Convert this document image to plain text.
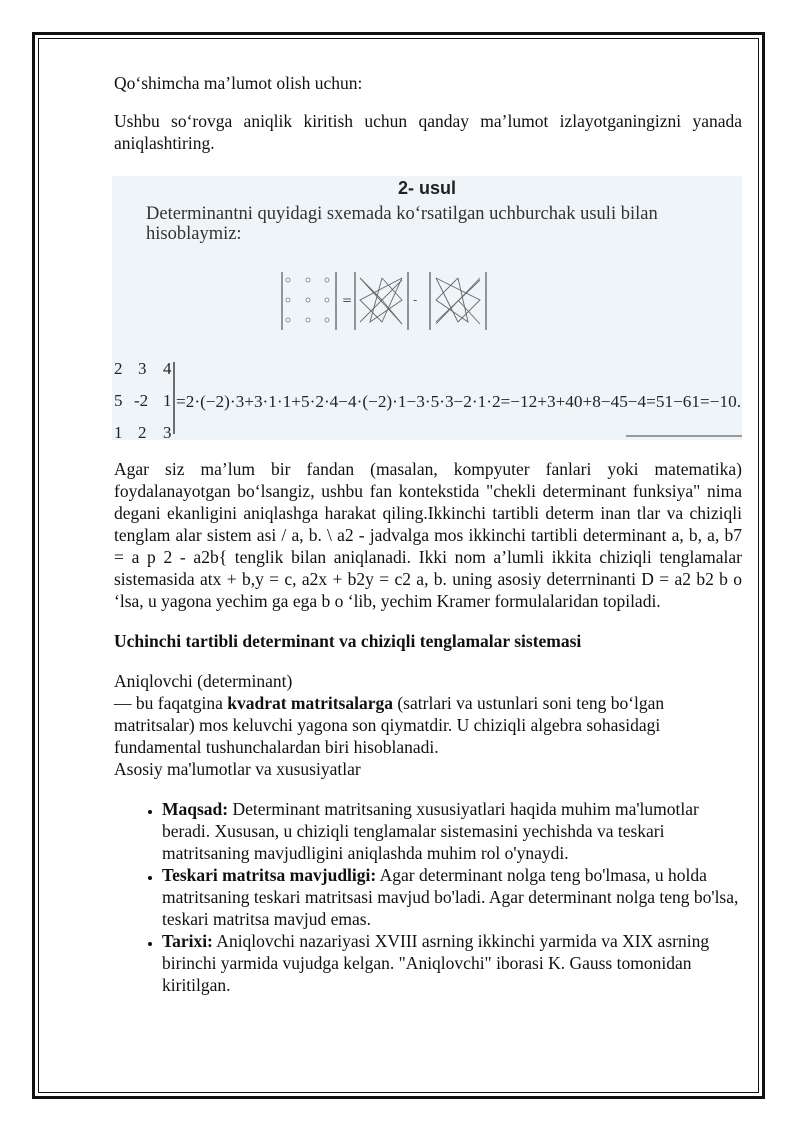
Qo‘shimcha ma’lumot olish uchun:

Ushbu so‘rovga aniqlik kiritish uchun qanday ma’lumot izlayotganingizni yanada aniqlashtiring.

2- usul
Determinantni quyidagi sxemada ko‘rsatilgan uchburchak usuli bilan hisoblaymiz:
=	-
2 3 4
5 -2 1
1 2 3
=2·(−2)·3+3·1·1+5·2·4−4·(−2)·1−3·5·3−2·1·2=−12+3+40+8−45−4=51−61=−10.

Agar siz ma’lum bir fandan (masalan, kompyuter fanlari yoki matematika) foydalanayotgan bo‘lsangiz, ushbu fan kontekstida "chekli determinant funksiya" nima degani ekanligini aniqlashga harakat qiling.Ikkinchi tartibli determ inan tlar va chiziqli tenglam alar sistem asi / a, b. \ a2 - jadvalga mos ikkinchi tartibli determinant a, b, a, b7 = a p 2 - a2b{ tenglik bilan aniqlanadi. Ikki nom a’lumli ikkita chiziqli tenglamalar sistemasida atx + b,y = c, a2x + b2y = c2 a, b. uning asosiy deterrninanti D = a2 b2 b o ‘lsa, u yagona yechim ga ega b o ‘lib, yechim Kramer formulalaridan topiladi.

Uchinchi tartibli determinant va chiziqli tenglamalar sistemasi

Aniqlovchi (determinant)

— bu faqatgina kvadrat matritsalarga (satrlari va ustunlari soni teng bo‘lgan matritsalar) mos keluvchi yagona son qiymatdir. U chiziqli algebra sohasidagi fundamental tushunchalardan biri hisoblanadi.

Asosiy ma'lumotlar va xususiyatlar

• Maqsad: Determinant matritsaning xususiyatlari haqida muhim ma'lumotlar beradi. Xususan, u chiziqli tenglamalar sistemasini yechishda va teskari matritsaning mavjudligini aniqlashda muhim rol o'ynaydi.
• Teskari matritsa mavjudligi: Agar determinant nolga teng bo'lmasa, u holda matritsaning teskari matritsasi mavjud bo'ladi. Agar determinant nolga teng bo'lsa, teskari matritsa mavjud emas.
• Tarixi: Aniqlovchi nazariyasi XVIII asrning ikkinchi yarmida va XIX asrning birinchi yarmida vujudga kelgan. "Aniqlovchi" iborasi K. Gauss tomonidan kiritilgan.
